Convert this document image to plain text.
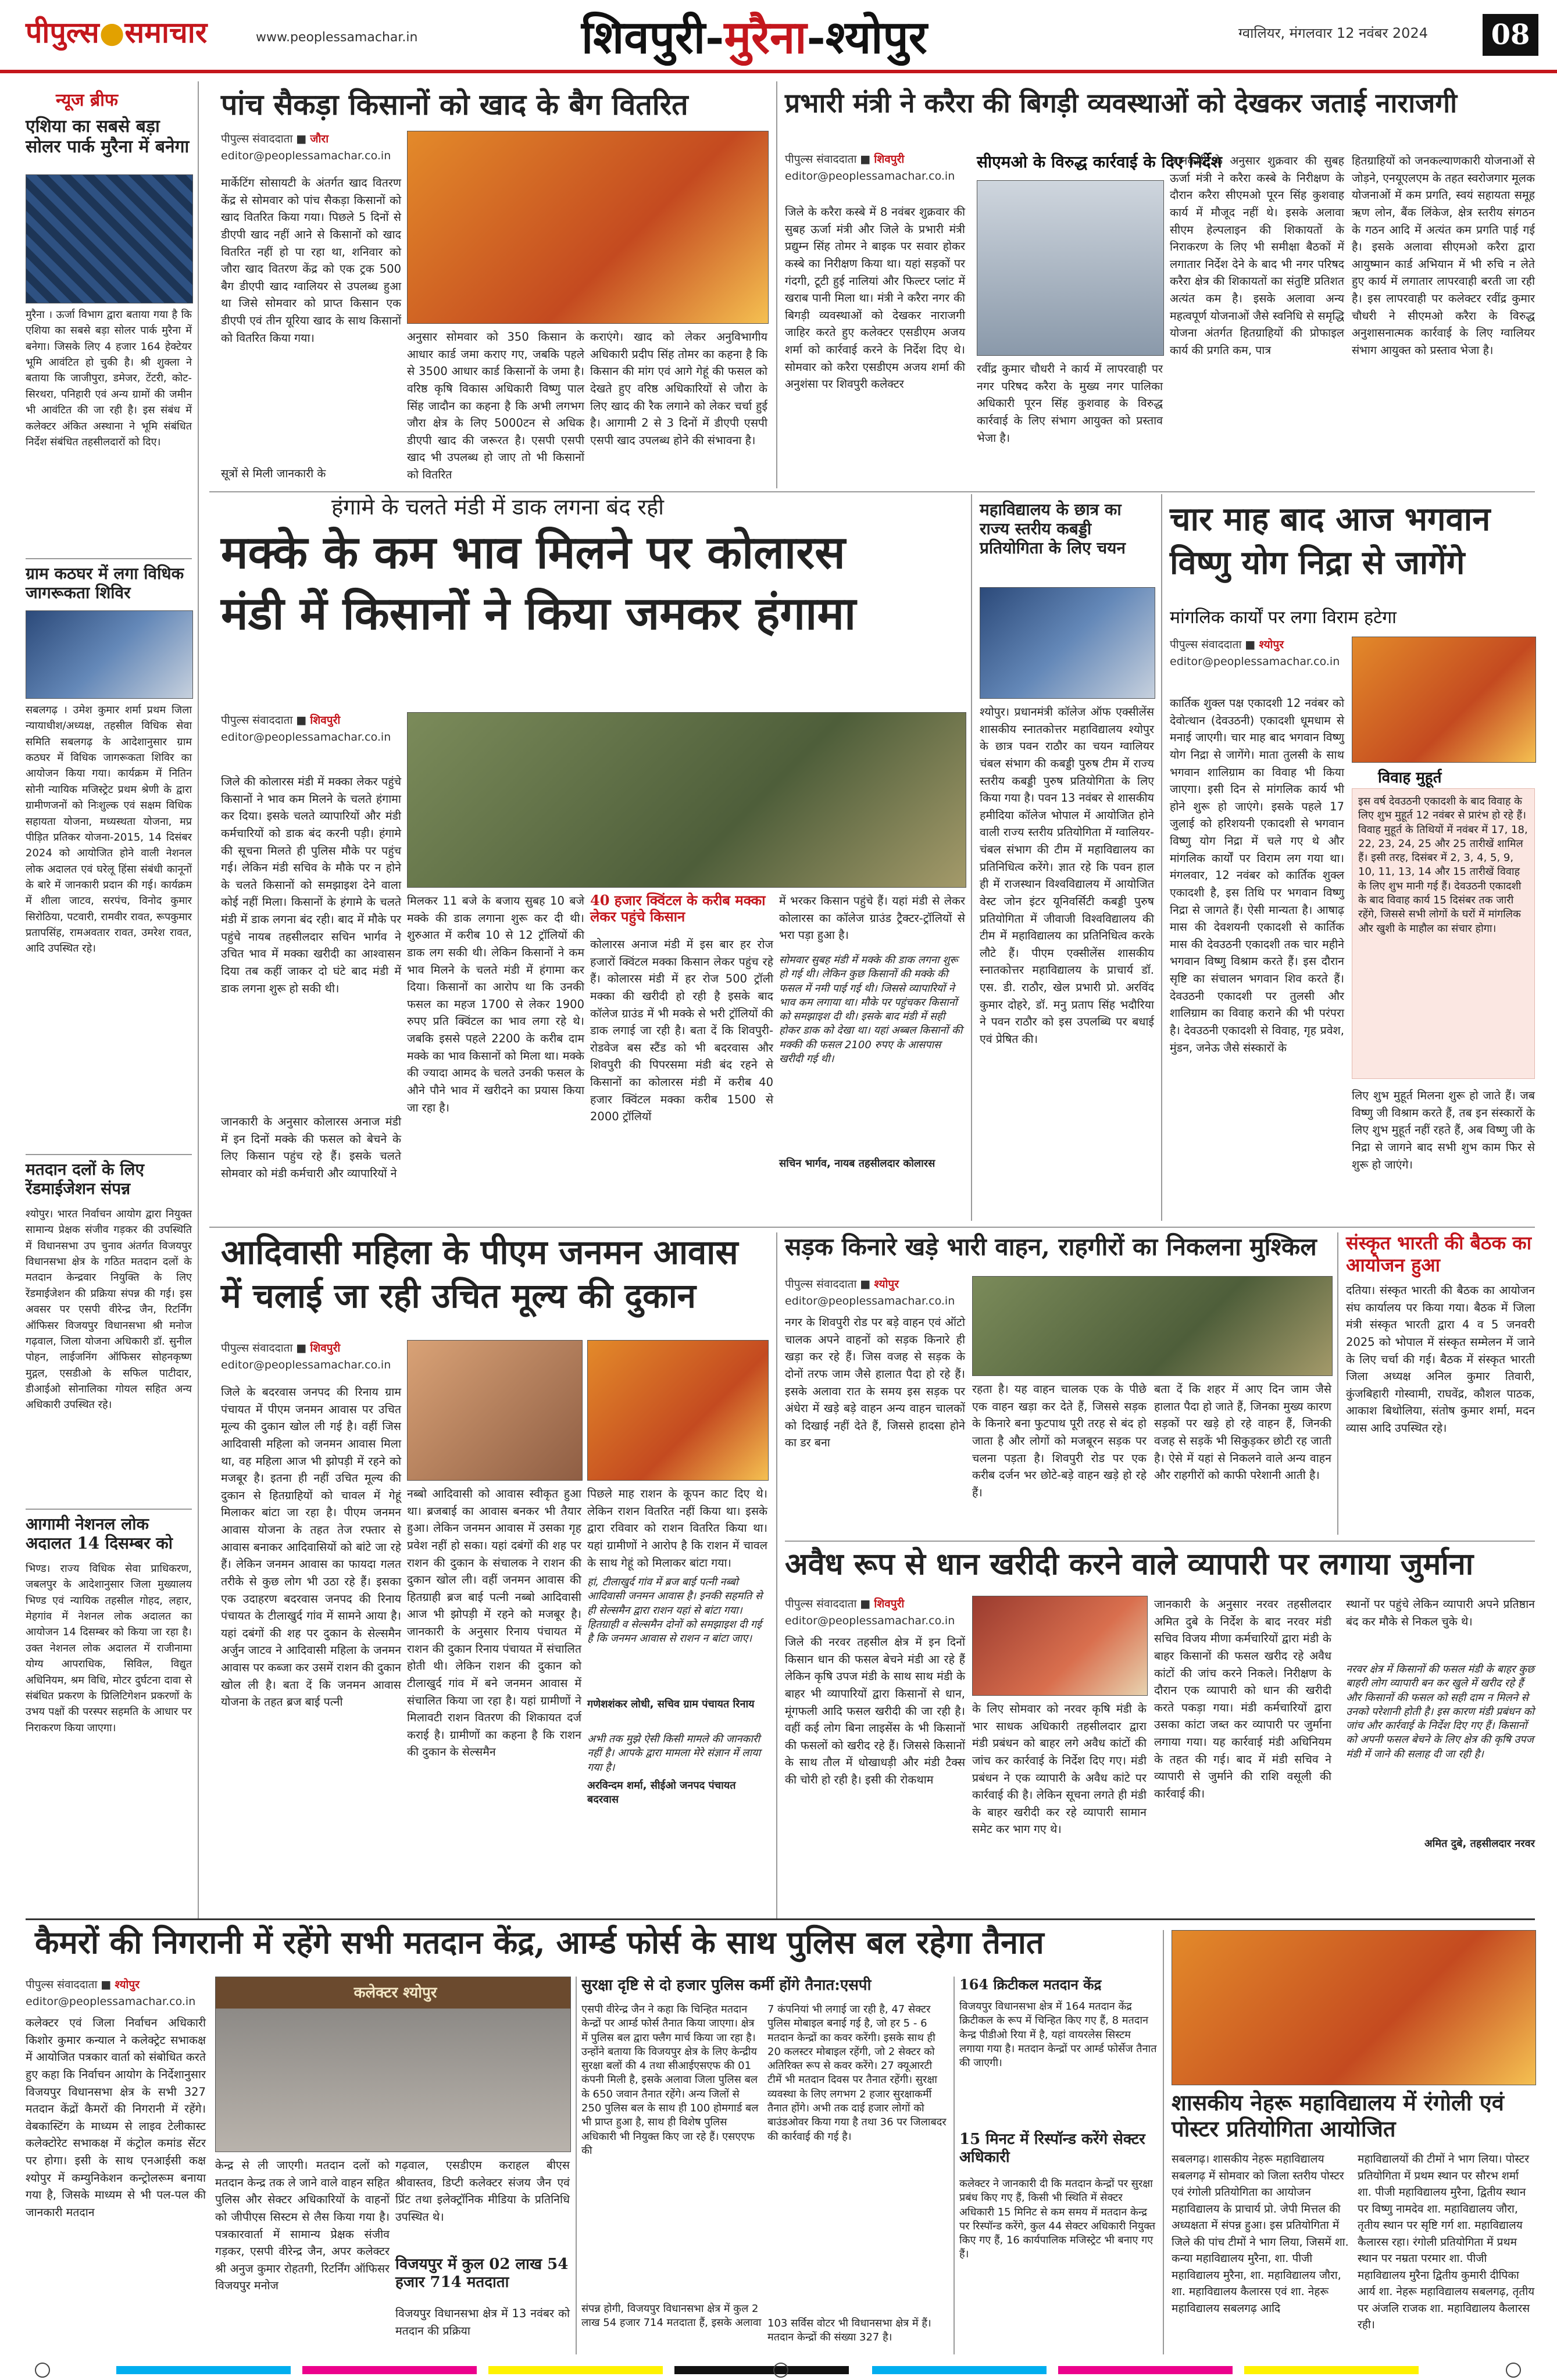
पीपुल्स●समाचार	www.peoplessamachar.in	शिवपुरी-मुरैना-श्योपुर	ग्वालियर, मंगलवार 12 नवंबर 2024	08
न्यूज ब्रीफ
एशिया का सबसे बड़ा सोलर पार्क मुरैना में बनेगा
मुरैना । ऊर्जा विभाग द्वारा बताया गया है कि एशिया का सबसे बड़ा सोलर पार्क मुरैना में बनेगा। जिसके लिए 4 हजार 164 हेक्टेयर भूमि आवंटित हो चुकी है। श्री शुक्ला ने बताया कि जाजीपुरा, डमेजर, टेंटरी, कोट-सिरथरा, पनिहारी एवं अन्य ग्रामों की जमीन भी आवंटित की जा रही है। इस संबंध में कलेक्टर अंकित अस्थाना ने भूमि संबंधित निर्देश संबंधित तहसीलदारों को दिए।
ग्राम कठघर में लगा विधिक जागरूकता शिविर
सबलगढ़ । उमेश कुमार शर्मा प्रथम जिला न्यायाधीश/अध्यक्ष, तहसील विधिक सेवा समिति सबलगढ़ के आदेशानुसार ग्राम कठघर में विधिक जागरूकता शिविर का आयोजन किया गया। कार्यक्रम में नितिन सोनी न्यायिक मजिस्ट्रेट प्रथम श्रेणी के द्वारा ग्रामीणजनों को निःशुल्क एवं सक्षम विधिक सहायता योजना, मध्यस्थता योजना, मप्र पीड़ित प्रतिकर योजना-2015, 14 दिसंबर 2024 को आयोजित होने वाली नेशनल लोक अदालत एवं घरेलू हिंसा संबंधी कानूनों के बारे में जानकारी प्रदान की गई। कार्यक्रम में शीला जाटव, सरपंच, विनोद कुमार सिरोठिया, पटवारी, रामवीर रावत, रूपकुमार प्रतापसिंह, रामअवतार रावत, उमरेश रावत, आदि उपस्थित रहे।
मतदान दलों के लिए रेंडमाईजेशन संपन्न
श्योपुर। भारत निर्वाचन आयोग द्वारा नियुक्त सामान्य प्रेक्षक संजीव गड़कर की उपस्थिति में विधानसभा उप चुनाव अंतर्गत विजयपुर विधानसभा क्षेत्र के गठित मतदान दलों के मतदान केन्द्रवार नियुक्ति के लिए रेंडमाईजेशन की प्रक्रिया संपन्न की गई। इस अवसर पर एसपी वीरेन्द्र जैन, रिटर्निंग ऑफिसर विजयपुर विधानसभा श्री मनोज गढ़वाल, जिला योजना अधिकारी डॉ. सुनील पोहन, लाईजनिंग ऑफिसर सोहनकृष्ण मुद्गल, एसडीओ के सफिल पाटीदार, डीआईओ सोनालिका गोयल सहित अन्य अधिकारी उपस्थित रहे।
आगामी नेशनल लोक अदालत 14 दिसम्बर को
भिण्ड। राज्य विधिक सेवा प्राधिकरण, जबलपुर के आदेशानुसार जिला मुख्यालय भिण्ड एवं न्यायिक तहसील गोहद, लहार, मेहगांव में नेशनल लोक अदालत का आयोजन 14 दिसम्बर को किया जा रहा है। उक्त नेशनल लोक अदालत में राजीनामा योग्य आपराधिक, सिविल, विद्युत अधिनियम, श्रम विधि, मोटर दुर्घटना दावा से संबंधित प्रकरण के प्रिलिटिगेशन प्रकरणों के उभय पक्षों की परस्पर सहमति के आधार पर निराकरण किया जाएगा।
पांच सैकड़ा किसानों को खाद के बैग वितरित
पीपुल्स संवाददाता ■ जौरा
editor@peoplessamachar.co.in
मार्केटिंग सोसायटी के अंतर्गत खाद वितरण केंद्र से सोमवार को पांच सैकड़ा किसानों को खाद वितरित किया गया। पिछले 5 दिनों से डीएपी खाद नहीं आने से किसानों को खाद वितरित नहीं हो पा रहा था, शनिवार को जौरा खाद वितरण केंद्र को एक ट्रक 500 बैग डीएपी खाद ग्वालियर से उपलब्ध हुआ था जिसे सोमवार को प्राप्त किसान एक डीएपी एवं तीन यूरिया खाद के साथ किसानों को वितरित किया गया।
सूत्रों से मिली जानकारी के
अनुसार सोमवार को 350 किसान के आधार कार्ड जमा कराए गए, जबकि पहले से 3500 आधार कार्ड किसानों के जमा है। वरिष्ठ कृषि विकास अधिकारी विष्णु पाल सिंह जादौन का कहना है कि अभी लगभग जौरा क्षेत्र के लिए 5000टन से अधिक डीएपी खाद की जरूरत है। एसपी एसपी खाद भी उपलब्ध हो जाए तो भी किसानों को वितरित
कराएंगे। खाद को लेकर अनुविभागीय अधिकारी प्रदीप सिंह तोमर का कहना है कि किसान की मांग एवं आगे गेहूं की फसल को देखते हुए वरिष्ठ अधिकारियों से जौरा के लिए खाद की रैक लगाने को लेकर चर्चा हुई है। आगामी 2 से 3 दिनों में डीएपी एसपी एसपी खाद उपलब्ध होने की संभावना है।
प्रभारी मंत्री ने करैरा की बिगड़ी व्यवस्थाओं को देखकर जताई नाराजगी
पीपुल्स संवाददाता ■ शिवपुरी
editor@peoplessamachar.co.in
सीएमओ के विरुद्ध कार्रवाई के दिए निर्देश
जिले के करैरा कस्बे में 8 नवंबर शुक्रवार की सुबह ऊर्जा मंत्री और जिले के प्रभारी मंत्री प्रद्युम्न सिंह तोमर ने बाइक पर सवार होकर कस्बे का निरीक्षण किया था। यहां सड़कों पर गंदगी, टूटी हुई नालियां और फिल्टर प्लांट में खराब पानी मिला था। मंत्री ने करैरा नगर की बिगड़ी व्यवस्थाओं को देखकर नाराजगी जाहिर करते हुए कलेक्टर एसडीएम अजय शर्मा को कार्रवाई करने के निर्देश दिए थे। सोमवार को करैरा एसडीएम अजय शर्मा की अनुशंसा पर शिवपुरी कलेक्टर
रवींद्र कुमार चौधरी ने कार्य में लापरवाही पर नगर परिषद करैरा के मुख्य नगर पालिका अधिकारी पूरन सिंह कुशवाह के विरुद्ध कार्रवाई के लिए संभाग आयुक्त को प्रस्ताव भेजा है।
जानकारी के अनुसार शुक्रवार की सुबह ऊर्जा मंत्री ने करैरा कस्बे के निरीक्षण के दौरान करैरा सीएमओ पूरन सिंह कुशवाह कार्य में मौजूद नहीं थे। इसके अलावा सीएम हेल्पलाइन की शिकायतों के निराकरण के लिए भी समीक्षा बैठकों में लगातार निर्देश देने के बाद भी नगर परिषद करैरा क्षेत्र की शिकायतों का संतुष्टि प्रतिशत अत्यंत कम है। इसके अलावा अन्य महत्वपूर्ण योजनाओं जैसे स्वनिधि से समृद्धि योजना अंतर्गत हितग्राहियों की प्रोफाइल कार्य की प्रगति कम, पात्र
हितग्राहियों को जनकल्याणकारी योजनाओं से जोड़ने, एनयूएलएम के तहत स्वरोजगार मूलक योजनाओं में कम प्रगति, स्वयं सहायता समूह ऋण लोन, बैंक लिंकेज, क्षेत्र स्तरीय संगठन के गठन आदि में अत्यंत कम प्रगति पाई गई है। इसके अलावा सीएमओ करैरा द्वारा आयुष्मान कार्ड अभियान में भी रुचि न लेते हुए कार्य में लगातार लापरवाही बरती जा रही है। इस लापरवाही पर कलेक्टर रवींद्र कुमार चौधरी ने सीएमओ करैरा के विरुद्ध अनुशासनात्मक कार्रवाई के लिए ग्वालियर संभाग आयुक्त को प्रस्ताव भेजा है।
हंगामे के चलते मंडी में डाक लगना बंद रही
मक्के के कम भाव मिलने पर कोलारस
मंडी में किसानों ने किया जमकर हंगामा
पीपुल्स संवाददाता ■ शिवपुरी
editor@peoplessamachar.co.in
जिले की कोलारस मंडी में मक्का लेकर पहुंचे किसानों ने भाव कम मिलने के चलते हंगामा कर दिया। इसके चलते व्यापारियों और मंडी कर्मचारियों को डाक बंद करनी पड़ी। हंगामे की सूचना मिलते ही पुलिस मौके पर पहुंच गई। लेकिन मंडी सचिव के मौके पर न होने के चलते किसानों को समझाइश देने वाला कोई नहीं मिला। किसानों के हंगामे के चलते मंडी में डाक लगना बंद रही। बाद में मौके पर पहुंचे नायब तहसीलदार सचिन भार्गव ने उचित भाव में मक्का खरीदी का आश्वासन दिया तब कहीं जाकर दो घंटे बाद मंडी में डाक लगना शुरू हो सकी थी।
जानकारी के अनुसार कोलारस अनाज मंडी में इन दिनों मक्के की फसल को बेचने के लिए किसान पहुंच रहे हैं। इसके चलते सोमवार को मंडी कर्मचारी और व्यापारियों ने
मिलकर 11 बजे के बजाय सुबह 10 बजे मक्के की डाक लगाना शुरू कर दी थी। शुरुआत में करीब 10 से 12 ट्रॉलियों की डाक लग सकी थी। लेकिन किसानों ने कम भाव मिलने के चलते मंडी में हंगामा कर दिया। किसानों का आरोप था कि उनकी फसल का महज 1700 से लेकर 1900 रुपए प्रति क्विंटल का भाव लगा रहे थे। जबकि इससे पहले 2200 के करीब दाम मक्के का भाव किसानों को मिला था। मक्के की ज्यादा आमद के चलते उनकी फसल के औने पौने भाव में खरीदने का प्रयास किया जा रहा है।
40 हजार क्विंटल के करीब मक्का लेकर पहुंचे किसान
कोलारस अनाज मंडी में इस बार हर रोज हजारों क्विंटल मक्का किसान लेकर पहुंच रहे हैं। कोलारस मंडी में हर रोज 500 ट्रॉली मक्का की खरीदी हो रही है इसके बाद कॉलेज ग्राउंड में भी मक्के से भरी ट्रॉलियों की डाक लगाई जा रही है। बता दें कि शिवपुरी-रोडवेज बस स्टैंड को भी बदरवास और शिवपुरी की पिपरसमा मंडी बंद रहने से किसानों का कोलारस मंडी में करीब 40 हजार क्विंटल मक्का करीब 1500 से 2000 ट्रॉलियों
में भरकर किसान पहुंचे हैं। यहां मंडी से लेकर कोलारस का कॉलेज ग्राउंड ट्रैक्टर-ट्रॉलियों से भरा पड़ा हुआ है।
सोमवार सुबह मंडी में मक्के की डाक लगना शुरू हो गई थी। लेकिन कुछ किसानों की मक्के की फसल में नमी पाई गई थी। जिससे व्यापारियों ने भाव कम लगाया था। मौके पर पहुंचकर किसानों को समझाइश दी थी। इसके बाद मंडी में सही होकर डाक को देखा था। यहां अब्बल किसानों की मक्की की फसल 2100 रुपए के आसपास खरीदी गई थी।
सचिन भार्गव, नायब तहसीलदार कोलारस
महाविद्यालय के छात्र का राज्य स्तरीय कबड्डी प्रतियोगिता के लिए चयन
श्योपुर। प्रधानमंत्री कॉलेज ऑफ एक्सीलेंस शासकीय स्नातकोत्तर महाविद्यालय श्योपुर के छात्र पवन राठौर का चयन ग्वालियर चंबल संभाग की कबड्डी पुरुष टीम में राज्य स्तरीय कबड्डी पुरुष प्रतियोगिता के लिए किया गया है। पवन 13 नवंबर से शासकीय हमीदिया कॉलेज भोपाल में आयोजित होने वाली राज्य स्तरीय प्रतियोगिता में ग्वालियर-चंबल संभाग की टीम में महाविद्यालय का प्रतिनिधित्व करेंगे। ज्ञात रहे कि पवन हाल ही में राजस्थान विश्वविद्यालय में आयोजित वेस्ट जोन इंटर यूनिवर्सिटी कबड्डी पुरुष प्रतियोगिता में जीवाजी विश्वविद्यालय की टीम में महाविद्यालय का प्रतिनिधित्व करके लौटे हैं। पीएम एक्सीलेंस शासकीय स्नातकोत्तर महाविद्यालय के प्राचार्य डॉ. एस. डी. राठौर, खेल प्रभारी प्रो. अरविंद कुमार दोहरे, डॉ. मनु प्रताप सिंह भदौरिया ने पवन राठौर को इस उपलब्धि पर बधाई एवं प्रेषित की।
चार माह बाद आज भगवान
विष्णु योग निद्रा से जागेंगे
मांगलिक कार्यों पर लगा विराम हटेगा
पीपुल्स संवाददाता ■ श्योपुर
editor@peoplessamachar.co.in
कार्तिक शुक्ल पक्ष एकादशी 12 नवंबर को देवोत्थान (देवउठनी) एकादशी धूमधाम से मनाई जाएगी। चार माह बाद भगवान विष्णु योग निद्रा से जागेंगे। माता तुलसी के साथ भगवान शालिग्राम का विवाह भी किया जाएगा। इसी दिन से मांगलिक कार्य भी होने शुरू हो जाएंगे। इसके पहले 17 जुलाई को हरिशयनी एकादशी से भगवान विष्णु योग निद्रा में चले गए थे और मांगलिक कार्यों पर विराम लग गया था। मंगलवार, 12 नवंबर को कार्तिक शुक्ल एकादशी है, इस तिथि पर भगवान विष्णु निद्रा से जागते हैं। ऐसी मान्यता है। आषाढ़ मास की देवशयनी एकादशी से कार्तिक मास की देवउठनी एकादशी तक चार महीने भगवान विष्णु विश्राम करते हैं। इस दौरान सृष्टि का संचालन भगवान शिव करते हैं। देवउठनी एकादशी पर तुलसी और शालिग्राम का विवाह कराने की भी परंपरा है। देवउठनी एकादशी से विवाह, गृह प्रवेश, मुंडन, जनेऊ जैसे संस्कारों के
विवाह मुहूर्त
इस वर्ष देवउठनी एकादशी के बाद विवाह के लिए शुभ मुहूर्त 12 नवंबर से प्रारंभ हो रहे हैं। विवाह मुहूर्त के तिथियों में नवंबर में 17, 18, 22, 23, 24, 25 और 25 तारीखें शामिल हैं। इसी तरह, दिसंबर में 2, 3, 4, 5, 9, 10, 11, 13, 14 और 15 तारीखें विवाह के लिए शुभ मानी गई हैं। देवउठनी एकादशी के बाद विवाह कार्य 15 दिसंबर तक जारी रहेंगे, जिससे सभी लोगों के घरों में मांगलिक और खुशी के माहौल का संचार होगा।
लिए शुभ मुहूर्त मिलना शुरू हो जाते हैं। जब विष्णु जी विश्राम करते हैं, तब इन संस्कारों के लिए शुभ मुहूर्त नहीं रहते हैं, अब विष्णु जी के निद्रा से जागने बाद सभी शुभ काम फिर से शुरू हो जाएंगे।
आदिवासी महिला के पीएम जनमन आवास
में चलाई जा रही उचित मूल्य की दुकान
पीपुल्स संवाददाता ■ शिवपुरी
editor@peoplessamachar.co.in
जिले के बदरवास जनपद की रिनाय ग्राम पंचायत में पीएम जनमन आवास पर उचित मूल्य की दुकान खोल ली गई है। वहीं जिस आदिवासी महिला को जनमन आवास मिला था, वह महिला आज भी झोपड़ी में रहने को मजबूर है। इतना ही नहीं उचित मूल्य की दुकान से हितग्राहियों को चावल में गेहूं मिलाकर बांटा जा रहा है। पीएम जनमन आवास योजना के तहत तेज रफ्तार से आवास बनाकर आदिवासियों को बांटे जा रहे हैं। लेकिन जनमन आवास का फायदा गलत तरीके से कुछ लोग भी उठा रहे हैं। इसका एक उदाहरण बदरवास जनपद की रिनाय पंचायत के टीलाखुर्द गांव में सामने आया है। यहां दबंगों की शह पर दुकान के सेल्समैन अर्जुन जाटव ने आदिवासी महिला के जनमन आवास पर कब्जा कर उसमें राशन की दुकान खोल ली है। बता दें कि जनमन आवास योजना के तहत ब्रज बाई पत्नी
नब्बो आदिवासी को आवास स्वीकृत हुआ था। ब्रजबाई का आवास बनकर भी तैयार हुआ। लेकिन जनमन आवास में उसका गृह प्रवेश नहीं हो सका। यहां दबंगों की शह पर राशन की दुकान के संचालक ने राशन की दुकान खोल ली। वहीं जनमन आवास की हितग्राही ब्रज बाई पत्नी नब्बो आदिवासी आज भी झोपड़ी में रहने को मजबूर है। जानकारी के अनुसार रिनाय पंचायत में राशन की दुकान रिनाय पंचायत में संचालित होती थी। लेकिन राशन की दुकान को टीलाखुर्द गांव में बने जनमन आवास में संचालित किया जा रहा है। यहां ग्रामीणों ने मिलावटी राशन वितरण की शिकायत दर्ज कराई है। ग्रामीणों का कहना है कि राशन की दुकान के सेल्समैन
पिछले माह राशन के कूपन काट दिए थे। लेकिन राशन वितरित नहीं किया था। इसके द्वारा रविवार को राशन वितरित किया था। यहां ग्रामीणों ने आरोप है कि राशन में चावल के साथ गेहूं को मिलाकर बांटा गया।
हां, टीलाखुर्द गांव में ब्रज बाई पत्नी नब्बो आदिवासी जनमन आवास है। इनकी सहमति से ही सेल्समैन द्वारा राशन यहां से बांटा गया। हितग्राही व सेल्समैन दोनों को समझाइश दी गई है कि जनमन आवास से राशन न बांटा जाए।
गणेशशंकर लोधी, सचिव ग्राम पंचायत रिनाय
अभी तक मुझे ऐसी किसी मामले की जानकारी नहीं है। आपके द्वारा मामला मेरे संज्ञान में लाया गया है।
अरविन्दम शर्मा, सीईओ जनपद पंचायत बदरवास
सड़क किनारे खड़े भारी वाहन, राहगीरों का निकलना मुश्किल
पीपुल्स संवाददाता ■ श्योपुर
editor@peoplessamachar.co.in
नगर के शिवपुरी रोड पर बड़े वाहन एवं ऑटो चालक अपने वाहनों को सड़क किनारे ही खड़ा कर रहे हैं। जिस वजह से सड़क के दोनों तरफ जाम जैसे हालात पैदा हो रहे हैं। इसके अलावा रात के समय इस सड़क पर अंधेरा में खड़े बड़े वाहन अन्य वाहन चालकों को दिखाई नहीं देते हैं, जिससे हादसा होने का डर बना
रहता है। यह वाहन चालक एक के पीछे एक वाहन खड़ा कर देते हैं, जिससे सड़क के किनारे बना फुटपाथ पूरी तरह से बंद हो जाता है और लोगों को मजबूरन सड़क पर चलना पड़ता है। शिवपुरी रोड पर एक करीब दर्जन भर छोटे-बड़े वाहन खड़े हो रहे हैं।
बता दें कि शहर में आए दिन जाम जैसे हालात पैदा हो जाते हैं, जिनका मुख्य कारण सड़कों पर खड़े हो रहे वाहन हैं, जिनकी वजह से सड़कें भी सिकुड़कर छोटी रह जाती है। ऐसे में यहां से निकलने वाले अन्य वाहन और राहगीरों को काफी परेशानी आती है।
संस्कृत भारती की बैठक का आयोजन हुआ
दतिया। संस्कृत भारती की बैठक का आयोजन संघ कार्यालय पर किया गया। बैठक में जिला मंत्री संस्कृत भारती द्वारा 4 व 5 जनवरी 2025 को भोपाल में संस्कृत सम्मेलन में जाने के लिए चर्चा की गई। बैठक में संस्कृत भारती जिला अध्यक्ष अनिल कुमार तिवारी, कुंजबिहारी गोस्वामी, राघवेंद्र, कौशल पाठक, आकाश बिथोलिया, संतोष कुमार शर्मा, मदन व्यास आदि उपस्थित रहे।
अवैध रूप से धान खरीदी करने वाले व्यापारी पर लगाया जुर्माना
पीपुल्स संवाददाता ■ शिवपुरी
editor@peoplessamachar.co.in
जिले की नरवर तहसील क्षेत्र में इन दिनों किसान धान की फसल बेचने मंडी आ रहे हैं लेकिन कृषि उपज मंडी के साथ साथ मंडी के बाहर भी व्यापारियों द्वारा किसानों से धान, मूंगफली आदि फसल खरीदी की जा रही है। वहीं कई लोग बिना लाइसेंस के भी किसानों की फसलों को खरीद रहे हैं। जिससे किसानों के साथ तौल में धोखाधड़ी और मंडी टैक्स की चोरी हो रही है। इसी की रोकथाम
के लिए सोमवार को नरवर कृषि मंडी के भार साधक अधिकारी तहसीलदार द्वारा मंडी प्रबंधन को बाहर लगे अवैध कांटों की जांच कर कार्रवाई के निर्देश दिए गए। मंडी प्रबंधन ने एक व्यापारी के अवैध कांटे पर कार्रवाई की है। लेकिन सूचना लगते ही मंडी के बाहर खरीदी कर रहे व्यापारी सामान समेट कर भाग गए थे।
जानकारी के अनुसार नरवर तहसीलदार अमित दुबे के निर्देश के बाद नरवर मंडी सचिव विजय मीणा कर्मचारियों द्वारा मंडी के बाहर किसानों की फसल खरीद रहे अवैध कांटों की जांच करने निकले। निरीक्षण के दौरान एक व्यापारी को धान की खरीदी करते पकड़ा गया। मंडी कर्मचारियों द्वारा उसका कांटा जब्त कर व्यापारी पर जुर्माना लगाया गया। यह कार्रवाई मंडी अधिनियम के तहत की गई। बाद में मंडी सचिव ने व्यापारी से जुर्माने की राशि वसूली की कार्रवाई की।
स्थानों पर पहुंचे लेकिन व्यापारी अपने प्रतिष्ठान बंद कर मौके से निकल चुके थे।
नरवर क्षेत्र में किसानों की फसल मंडी के बाहर कुछ बाहरी लोग व्यापारी बन कर खुले में खरीद रहे हैं और किसानों की फसल को सही दाम न मिलने से उनको परेशानी होती है। इस कारण मंडी प्रबंधन को जांच और कार्रवाई के निर्देश दिए गए हैं। किसानों को अपनी फसल बेचने के लिए क्षेत्र की कृषि उपज मंडी में जाने की सलाह दी जा रही है।
अमित दुबे, तहसीलदार नरवर
कैमरों की निगरानी में रहेंगे सभी मतदान केंद्र, आर्म्ड फोर्स के साथ पुलिस बल रहेगा तैनात
पीपुल्स संवाददाता ■ श्योपुर
editor@peoplessamachar.co.in
कलेक्टर एवं जिला निर्वाचन अधिकारी किशोर कुमार कन्याल ने कलेक्ट्रेट सभाकक्ष में आयोजित पत्रकार वार्ता को संबोधित करते हुए कहा कि निर्वाचन आयोग के निर्देशानुसार विजयपुर विधानसभा क्षेत्र के सभी 327 मतदान केंद्रों कैमरों की निगरानी में रहेंगे। वेबकास्टिंग के माध्यम से लाइव टेलीकास्ट कलेक्टोरेट सभाकक्ष में कंट्रोल कमांड सेंटर पर होगा। इसी के साथ एनआईसी कक्ष श्योपुर में कम्युनिकेशन कन्ट्रोलरूम बनाया गया है, जिसके माध्यम से भी पल-पल की जानकारी मतदान
कलेक्टर श्योपुर
केन्द्र से ली जाएगी। मतदान दलों को मतदान केन्द्र तक ले जाने वाले वाहन सहित पुलिस और सेक्टर अधिकारियों के वाहनों को जीपीएस सिस्टम से लैस किया गया है। पत्रकारवार्ता में सामान्य प्रेक्षक संजीव गड़कर, एसपी वीरेन्द्र जैन, अपर कलेक्टर श्री अनुज कुमार रोहतगी, रिटर्निंग ऑफिसर विजयपुर मनोज
गढ़वाल, एसडीएम कराहल बीएस श्रीवास्तव, डिप्टी कलेक्टर संजय जैन एवं प्रिंट तथा इलेक्ट्रॉनिक मीडिया के प्रतिनिधि उपस्थित थे।
विजयपुर में कुल 02 लाख 54 हजार 714 मतदाता
विजयपुर विधानसभा क्षेत्र में 13 नवंबर को मतदान की प्रक्रिया
सुरक्षा दृष्टि से दो हजार पुलिस कर्मी होंगे तैनात:एसपी
एसपी वीरेन्द्र जैन ने कहा कि चिन्हित मतदान केन्द्रों पर आर्म्ड फोर्स तैनात किया जाएगा। क्षेत्र में पुलिस बल द्वारा फ्लैग मार्च किया जा रहा है। उन्होंने बताया कि विजयपुर क्षेत्र के लिए केन्द्रीय सुरक्षा बलों की 4 तथा सीआईएसएफ की 01 कंपनी मिली है, इसके अलावा जिला पुलिस बल के 650 जवान तैनात रहेंगे। अन्य जिलों से 250 पुलिस बल के साथ ही 100 होमगार्ड बल भी प्राप्त हुआ है, साथ ही विशेष पुलिस अधिकारी भी नियुक्त किए जा रहे हैं। एसएएफ की
संपन्न होगी, विजयपुर विधानसभा क्षेत्र में कुल 2 लाख 54 हजार 714 मतदाता हैं, इसके अलावा
7 कंपनियां भी लगाई जा रही है, 47 सेक्टर पुलिस मोबाइल बनाई गई है, जो हर 5 - 6 मतदान केन्द्रों का कवर करेंगी। इसके साथ ही 20 कलस्टर मोबाइल रहेंगी, जो 2 सेक्टर को अतिरिक्त रूप से कवर करेंगे। 27 क्यूआरटी टीमें भी मतदान दिवस पर तैनात रहेंगी। सुरक्षा व्यवस्था के लिए लगभग 2 हजार सुरक्षाकर्मी तैनात होंगे। अभी तक दाई हजार लोगों को बाउंडओवर किया गया है तथा 36 पर जिलाबदर की कार्रवाई की गई है।
103 सर्विस वोटर भी विधानसभा क्षेत्र में हैं। मतदान केन्द्रों की संख्या 327 है।
164 क्रिटीकल मतदान केंद्र
विजयपुर विधानसभा क्षेत्र में 164 मतदान केंद्र क्रिटीकल के रूप में चिन्हित किए गए हैं, 8 मतदान केन्द्र पीडीओ रिया में है, यहां वायरलेस सिस्टम लगाया गया है। मतदान केन्द्रों पर आर्म्ड फोर्सेज तैनात की जाएगी।
15 मिनट में रिस्पॉन्ड करेंगे सेक्टर अधिकारी
कलेक्टर ने जानकारी दी कि मतदान केन्द्रों पर सुरक्षा प्रबंध किए गए हैं, किसी भी स्थिति में सेक्टर अधिकारी 15 मिनिट से कम समय में मतदान केन्द्र पर रिस्पॉन्ड करेंगे, कुल 44 सेक्टर अधिकारी नियुक्त किए गए हैं, 16 कार्यपालिक मजिस्ट्रेट भी बनाए गए हैं।
शासकीय नेहरू महाविद्यालय में रंगोली एवं पोस्टर प्रतियोगिता आयोजित
सबलगढ़। शासकीय नेहरू महाविद्यालय सबलगढ़ में सोमवार को जिला स्तरीय पोस्टर एवं रंगोली प्रतियोगिता का आयोजन महाविद्यालय के प्राचार्य प्रो. जेपी मित्तल की अध्यक्षता में संपन्न हुआ। इस प्रतियोगिता में जिले की पांच टीमों ने भाग लिया, जिसमें शा. कन्या महाविद्यालय मुरैना, शा. पीजी महाविद्यालय मुरैना, शा. महाविद्यालय जौरा, शा. महाविद्यालय कैलारस एवं शा. नेहरू महाविद्यालय सबलगढ़ आदि
महाविद्यालयों की टीमों ने भाग लिया। पोस्टर प्रतियोगिता में प्रथम स्थान पर सौरभ शर्मा शा. पीजी महाविद्यालय मुरैना, द्वितीय स्थान पर विष्णु नामदेव शा. महाविद्यालय जौरा, तृतीय स्थान पर सृष्टि गर्ग शा. महाविद्यालय कैलारस रहा। रंगोली प्रतियोगिता में प्रथम स्थान पर नम्रता परमार शा. पीजी महाविद्यालय मुरैना द्वितीय कुमारी दीपिका आर्य शा. नेहरू महाविद्यालय सबलगढ़, तृतीय पर अंजलि राजक शा. महाविद्यालय कैलारस रही।
